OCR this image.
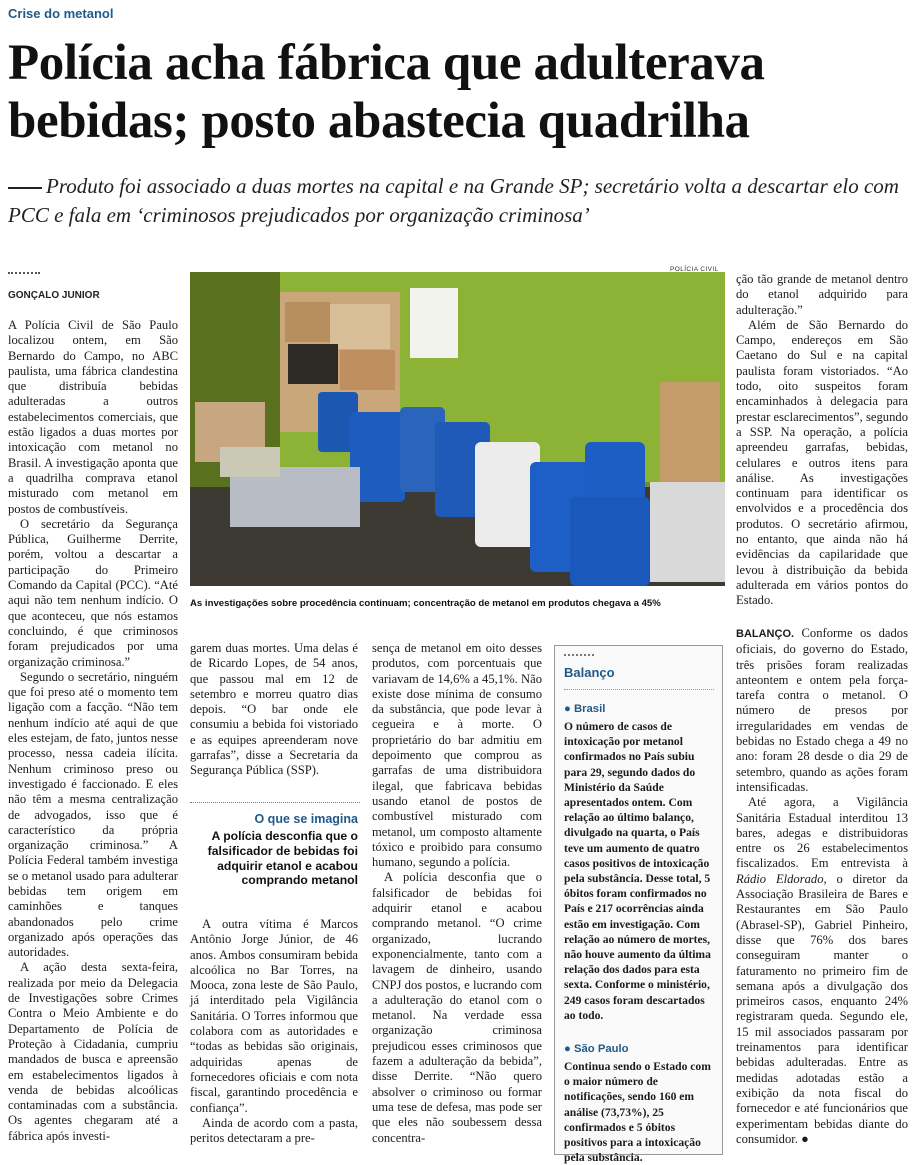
Crise do metanol
Polícia acha fábrica que adulterava bebidas; posto abastecia quadrilha
Produto foi associado a duas mortes na capital e na Grande SP; secretário volta a descartar elo com PCC e fala em ‘criminosos prejudicados por organização criminosa’
GONÇALO JUNIOR

A Polícia Civil de São Paulo localizou ontem, em São Bernardo do Campo, no ABC paulista, uma fábrica clandestina que distribuía bebidas adulteradas a outros estabelecimentos comerciais, que estão ligados a duas mortes por intoxicação com metanol no Brasil. A investigação aponta que a quadrilha comprava etanol misturado com metanol em postos de combustíveis.

O secretário da Segurança Pública, Guilherme Derrite, porém, voltou a descartar a participação do Primeiro Comando da Capital (PCC). “Até aqui não tem nenhum indício. O que aconteceu, que nós estamos concluindo, é que criminosos foram prejudicados por uma organização criminosa.”

Segundo o secretário, ninguém que foi preso até o momento tem ligação com a facção. “Não tem nenhum indício até aqui de que eles estejam, de fato, juntos nesse processo, nessa cadeia ilícita. Nenhum criminoso preso ou investigado é faccionado. E eles não têm a mesma centralização de advogados, isso que é característico da própria organização criminosa.” A Polícia Federal também investiga se o metanol usado para adulterar bebidas tem origem em caminhões e tanques abandonados pelo crime organizado após operações das autoridades.

A ação desta sexta-feira, realizada por meio da Delegacia de Investigações sobre Crimes Contra o Meio Ambiente e do Departamento de Polícia de Proteção à Cidadania, cumpriu mandados de busca e apreensão em estabelecimentos ligados à venda de bebidas alcoólicas contaminadas com a substância. Os agentes chegaram até a fábrica após investi-

POLÍCIA CIVIL
As investigações sobre procedência continuam; concentração de metanol em produtos chegava a 45%

garem duas mortes. Uma delas é de Ricardo Lopes, de 54 anos, que passou mal em 12 de setembro e morreu quatro dias depois. “O bar onde ele consumiu a bebida foi vistoriado e as equipes apreenderam nove garrafas”, disse a Secretaria da Segurança Pública (SSP).

O que se imagina
A polícia desconfia que o falsificador de bebidas foi adquirir etanol e acabou comprando metanol

A outra vítima é Marcos Antônio Jorge Júnior, de 46 anos. Ambos consumiram bebida alcoólica no Bar Torres, na Mooca, zona leste de São Paulo, já interditado pela Vigilância Sanitária. O Torres informou que colabora com as autoridades e “todas as bebidas são originais, adquiridas apenas de fornecedores oficiais e com nota fiscal, garantindo procedência e confiança”.

Ainda de acordo com a pasta, peritos detectaram a pre-

sença de metanol em oito desses produtos, com porcentuais que variavam de 14,6% a 45,1%. Não existe dose mínima de consumo da substância, que pode levar à cegueira e à morte. O proprietário do bar admitiu em depoimento que comprou as garrafas de uma distribuidora ilegal, que fabricava bebidas usando etanol de postos de combustível misturado com metanol, um composto altamente tóxico e proibido para consumo humano, segundo a polícia.

A polícia desconfia que o falsificador de bebidas foi adquirir etanol e acabou comprando metanol. “O crime organizado, lucrando exponencialmente, tanto com a lavagem de dinheiro, usando CNPJ dos postos, e lucrando com a adulteração do etanol com o metanol. Na verdade essa organização criminosa prejudicou esses criminosos que fazem a adulteração da bebida”, disse Derrite. “Não quero absolver o criminoso ou formar uma tese de defesa, mas pode ser que eles não soubessem dessa concentra-

Balanço
● Brasil
O número de casos de intoxicação por metanol confirmados no País subiu para 29, segundo dados do Ministério da Saúde apresentados ontem. Com relação ao último balanço, divulgado na quarta, o País teve um aumento de quatro casos positivos de intoxicação pela substância. Desse total, 5 óbitos foram confirmados no País e 217 ocorrências ainda estão em investigação. Com relação ao número de mortes, não houve aumento da última relação dos dados para esta sexta. Conforme o ministério, 249 casos foram descartados ao todo.
● São Paulo
Continua sendo o Estado com o maior número de notificações, sendo 160 em análise (73,73%), 25 confirmados e 5 óbitos positivos para a intoxicação pela substância.

ção tão grande de metanol dentro do etanol adquirido para adulteração.”

Além de São Bernardo do Campo, endereços em São Caetano do Sul e na capital paulista foram vistoriados. “Ao todo, oito suspeitos foram encaminhados à delegacia para prestar esclarecimentos”, segundo a SSP. Na operação, a polícia apreendeu garrafas, bebidas, celulares e outros itens para análise. As investigações continuam para identificar os envolvidos e a procedência dos produtos. O secretário afirmou, no entanto, que ainda não há evidências da capilaridade que levou à distribuição da bebida adulterada em vários pontos do Estado.

BALANÇO. Conforme os dados oficiais, do governo do Estado, três prisões foram realizadas anteontem e ontem pela força-tarefa contra o metanol. O número de presos por irregularidades em vendas de bebidas no Estado chega a 49 no ano: foram 28 desde o dia 29 de setembro, quando as ações foram intensificadas.

Até agora, a Vigilância Sanitária Estadual interditou 13 bares, adegas e distribuidoras entre os 26 estabelecimentos fiscalizados. Em entrevista à Rádio Eldorado, o diretor da Associação Brasileira de Bares e Restaurantes em São Paulo (Abrasel-SP), Gabriel Pinheiro, disse que 76% dos bares conseguiram manter o faturamento no primeiro fim de semana após a divulgação dos primeiros casos, enquanto 24% registraram queda. Segundo ele, 15 mil associados passaram por treinamentos para identificar bebidas adulteradas. Entre as medidas adotadas estão a exibição da nota fiscal do fornecedor e até funcionários que experimentam bebidas diante do consumidor. ●
